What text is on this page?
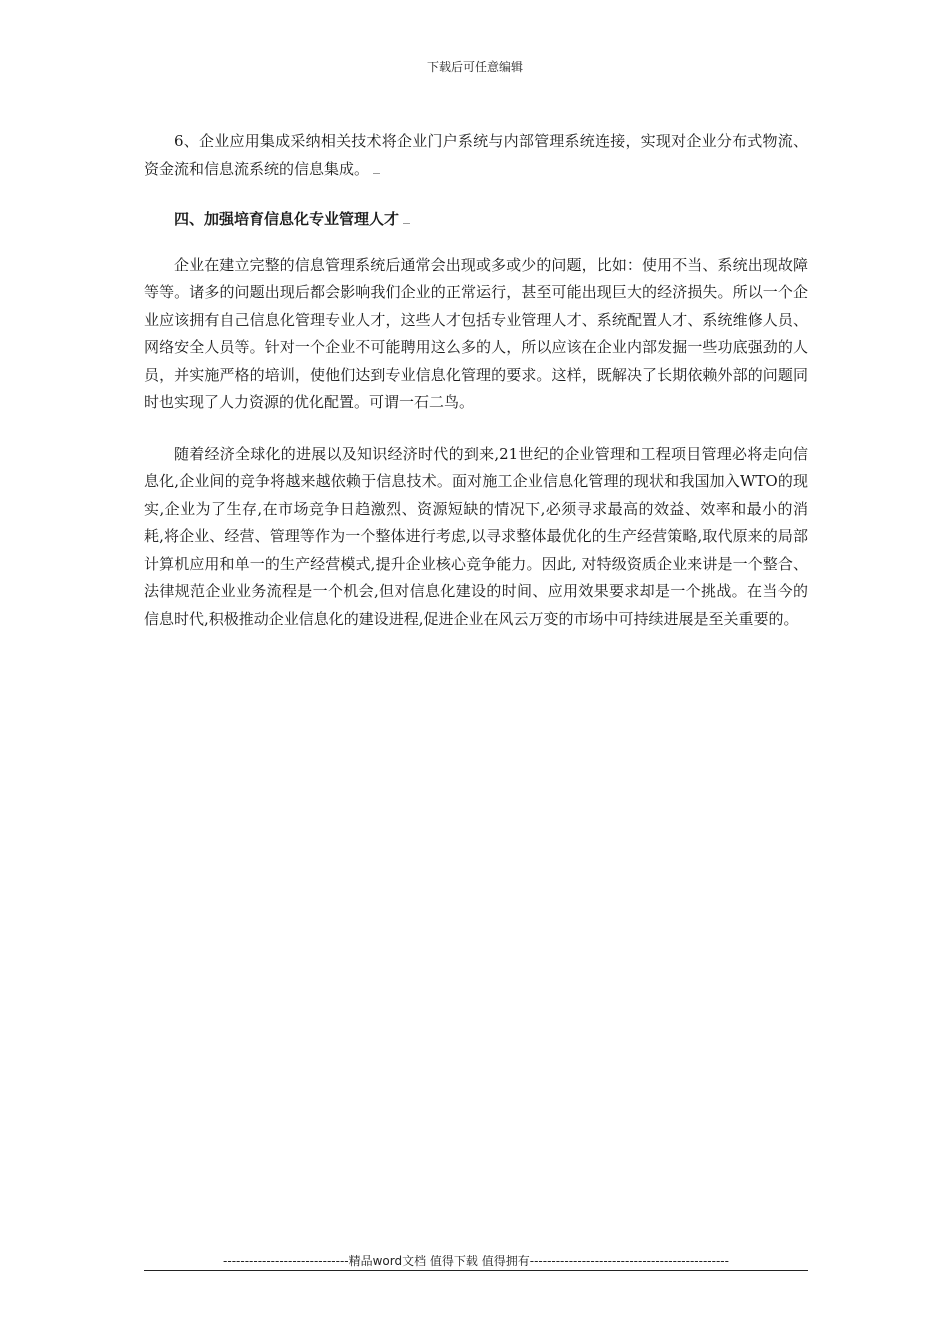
下载后可任意编辑

6、企业应用集成采纳相关技术将企业门户系统与内部管理系统连接，实现对企业分布式物流、资金流和信息流系统的信息集成。

四、加强培育信息化专业管理人才

企业在建立完整的信息管理系统后通常会出现或多或少的问题，比如：使用不当、系统出现故障等等。诸多的问题出现后都会影响我们企业的正常运行，甚至可能出现巨大的经济损失。所以一个企业应该拥有自己信息化管理专业人才，这些人才包括专业管理人才、系统配置人才、系统维修人员、网络安全人员等。针对一个企业不可能聘用这么多的人，所以应该在企业内部发掘一些功底强劲的人员，并实施严格的培训，使他们达到专业信息化管理的要求。这样，既解决了长期依赖外部的问题同时也实现了人力资源的优化配置。可谓一石二鸟。

随着经济全球化的进展以及知识经济时代的到来,21世纪的企业管理和工程项目管理必将走向信息化,企业间的竞争将越来越依赖于信息技术。面对施工企业信息化管理的现状和我国加入WTO的现实,企业为了生存,在市场竞争日趋激烈、资源短缺的情况下,必须寻求最高的效益、效率和最小的消耗,将企业、经营、管理等作为一个整体进行考虑,以寻求整体最优化的生产经营策略,取代原来的局部计算机应用和单一的生产经营模式,提升企业核心竞争能力。因此, 对特级资质企业来讲是一个整合、法律规范企业业务流程是一个机会,但对信息化建设的时间、应用效果要求却是一个挑战。在当今的信息时代,积极推动企业信息化的建设进程,促进企业在风云万变的市场中可持续进展是至关重要的。

-----------------------------精品word文档 值得下载 值得拥有----------------------------------------------
